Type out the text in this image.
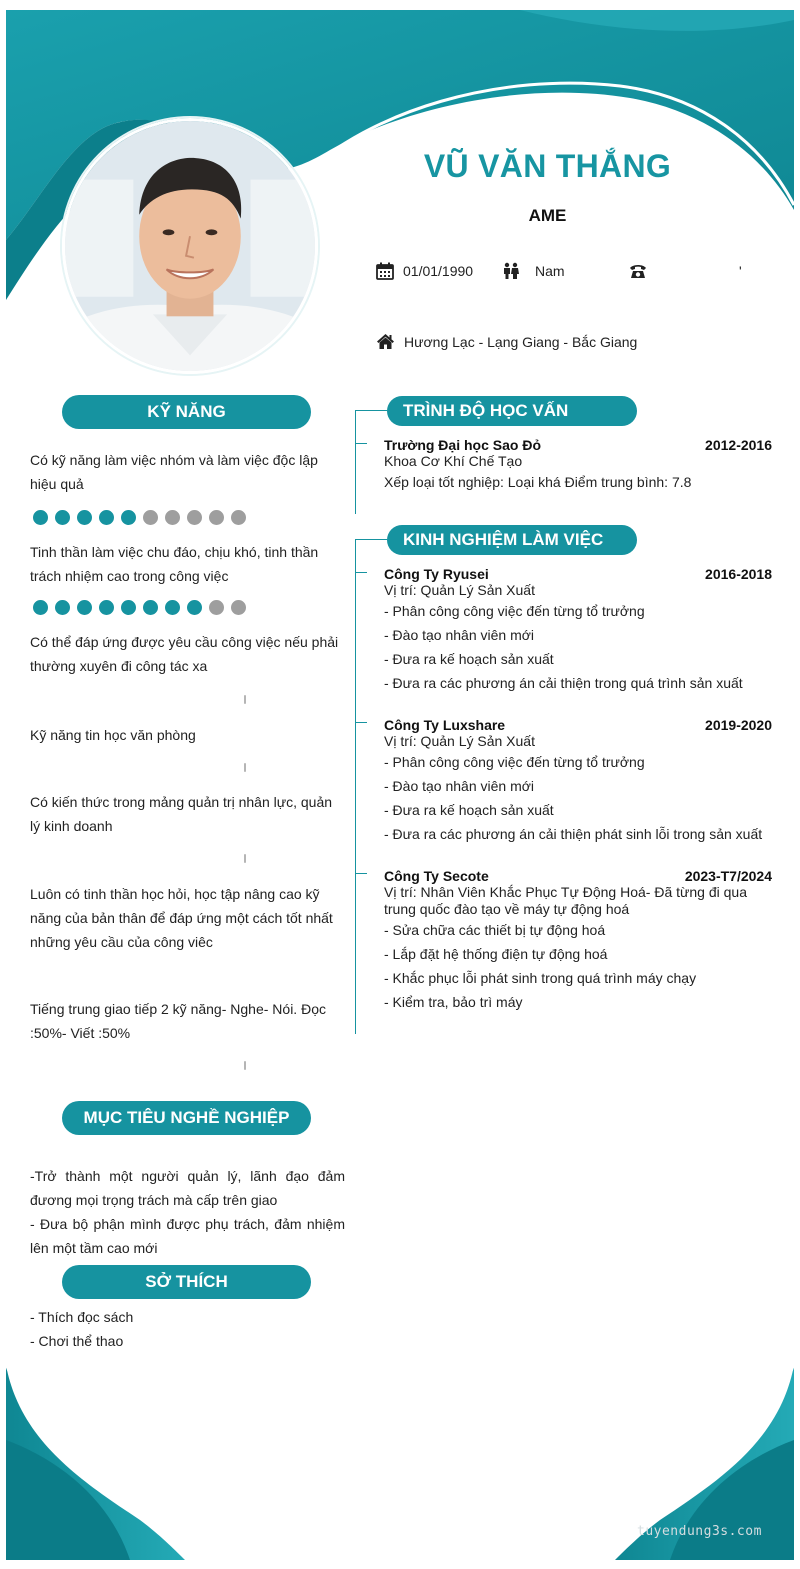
VŨ VĂN THẮNG
AME
01/01/1990	Nam	'
Hương Lạc - Lạng Giang - Bắc Giang
KỸ NĂNG
Có kỹ năng làm việc nhóm và làm việc độc lập hiệu quả
Tinh thần làm việc chu đáo, chịu khó, tinh thần trách nhiệm cao trong công việc
Có thể đáp ứng được yêu cầu công việc nếu phải thường xuyên đi công tác xa
Kỹ năng tin học văn phòng
Có kiến thức trong mảng quản trị nhân lực, quản lý kinh doanh
Luôn có tinh thần học hỏi, học tập nâng cao kỹ năng của bản thân để đáp ứng một cách tốt nhất những yêu cầu của công viêc
Tiếng trung giao tiếp 2 kỹ năng- Nghe- Nói. Đọc :50%- Viết :50%
MỤC TIÊU NGHỀ NGHIỆP
-Trở thành một người quản lý, lãnh đạo đảm đương mọi trọng trách mà cấp trên giao
- Đưa bộ phận mình được phụ trách, đảm nhiệm lên một tầm cao mới
SỞ THÍCH
- Thích đọc sách
- Chơi thể thao
TRÌNH ĐỘ HỌC VẤN
Trường Đại học Sao Đỏ	2012-2016
Khoa Cơ Khí Chế Tạo
Xếp loại tốt nghiệp: Loại khá Điểm trung bình: 7.8
KINH NGHIỆM LÀM VIỆC
Công Ty Ryusei	2016-2018
Vị trí: Quản Lý Sản Xuất
- Phân công công việc đến từng tổ trưởng
- Đào tạo nhân viên mới
- Đưa ra kế hoạch sản xuất
- Đưa ra các phương án cải thiện trong quá trình sản xuất
Công Ty Luxshare	2019-2020
Vị trí: Quản Lý Sản Xuất
- Phân công công việc đến từng tổ trưởng
- Đào tạo nhân viên mới
- Đưa ra kế hoạch sản xuất
- Đưa ra các phương án cải thiện phát sinh lỗi trong sản xuất
Công Ty Secote	2023-T7/2024
Vị trí: Nhân Viên Khắc Phục Tự Động Hoá- Đã từng đi qua
trung quốc đào tạo về máy tự động hoá
- Sửa chữa các thiết bị tự động hoá
- Lắp đặt hệ thống điện tự động hoá
- Khắc phục lỗi phát sinh trong quá trình máy chạy
- Kiểm tra, bảo trì máy
tuyendung3s.com
